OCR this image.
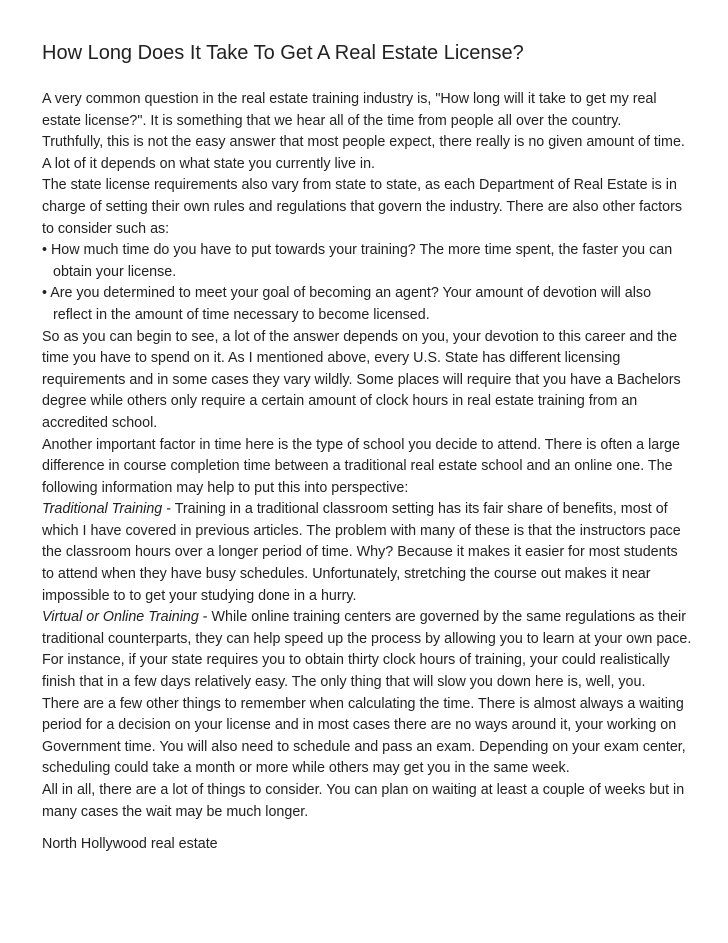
How Long Does It Take To Get A Real Estate License?

A very common question in the real estate training industry is, "How long will it take to get my real estate license?". It is something that we hear all of the time from people all over the country.

Truthfully, this is not the easy answer that most people expect, there really is no given amount of time. A lot of it depends on what state you currently live in.

The state license requirements also vary from state to state, as each Department of Real Estate is in charge of setting their own rules and regulations that govern the industry. There are also other factors to consider such as:

• How much time do you have to put towards your training? The more time spent, the faster you can obtain your license.

• Are you determined to meet your goal of becoming an agent? Your amount of devotion will also reflect in the amount of time necessary to become licensed.

So as you can begin to see, a lot of the answer depends on you, your devotion to this career and the time you have to spend on it. As I mentioned above, every U.S. State has different licensing requirements and in some cases they vary wildly. Some places will require that you have a Bachelors degree while others only require a certain amount of clock hours in real estate training from an accredited school.

Another important factor in time here is the type of school you decide to attend. There is often a large difference in course completion time between a traditional real estate school and an online one. The following information may help to put this into perspective:

Traditional Training - Training in a traditional classroom setting has its fair share of benefits, most of which I have covered in previous articles. The problem with many of these is that the instructors pace the classroom hours over a longer period of time. Why? Because it makes it easier for most students to attend when they have busy schedules. Unfortunately, stretching the course out makes it near impossible to to get your studying done in a hurry.

Virtual or Online Training - While online training centers are governed by the same regulations as their traditional counterparts, they can help speed up the process by allowing you to learn at your own pace. For instance, if your state requires you to obtain thirty clock hours of training, your could realistically finish that in a few days relatively easy. The only thing that will slow you down here is, well, you.

There are a few other things to remember when calculating the time. There is almost always a waiting period for a decision on your license and in most cases there are no ways around it, your working on Government time. You will also need to schedule and pass an exam. Depending on your exam center, scheduling could take a month or more while others may get you in the same week.

All in all, there are a lot of things to consider. You can plan on waiting at least a couple of weeks but in many cases the wait may be much longer.

North Hollywood real estate
